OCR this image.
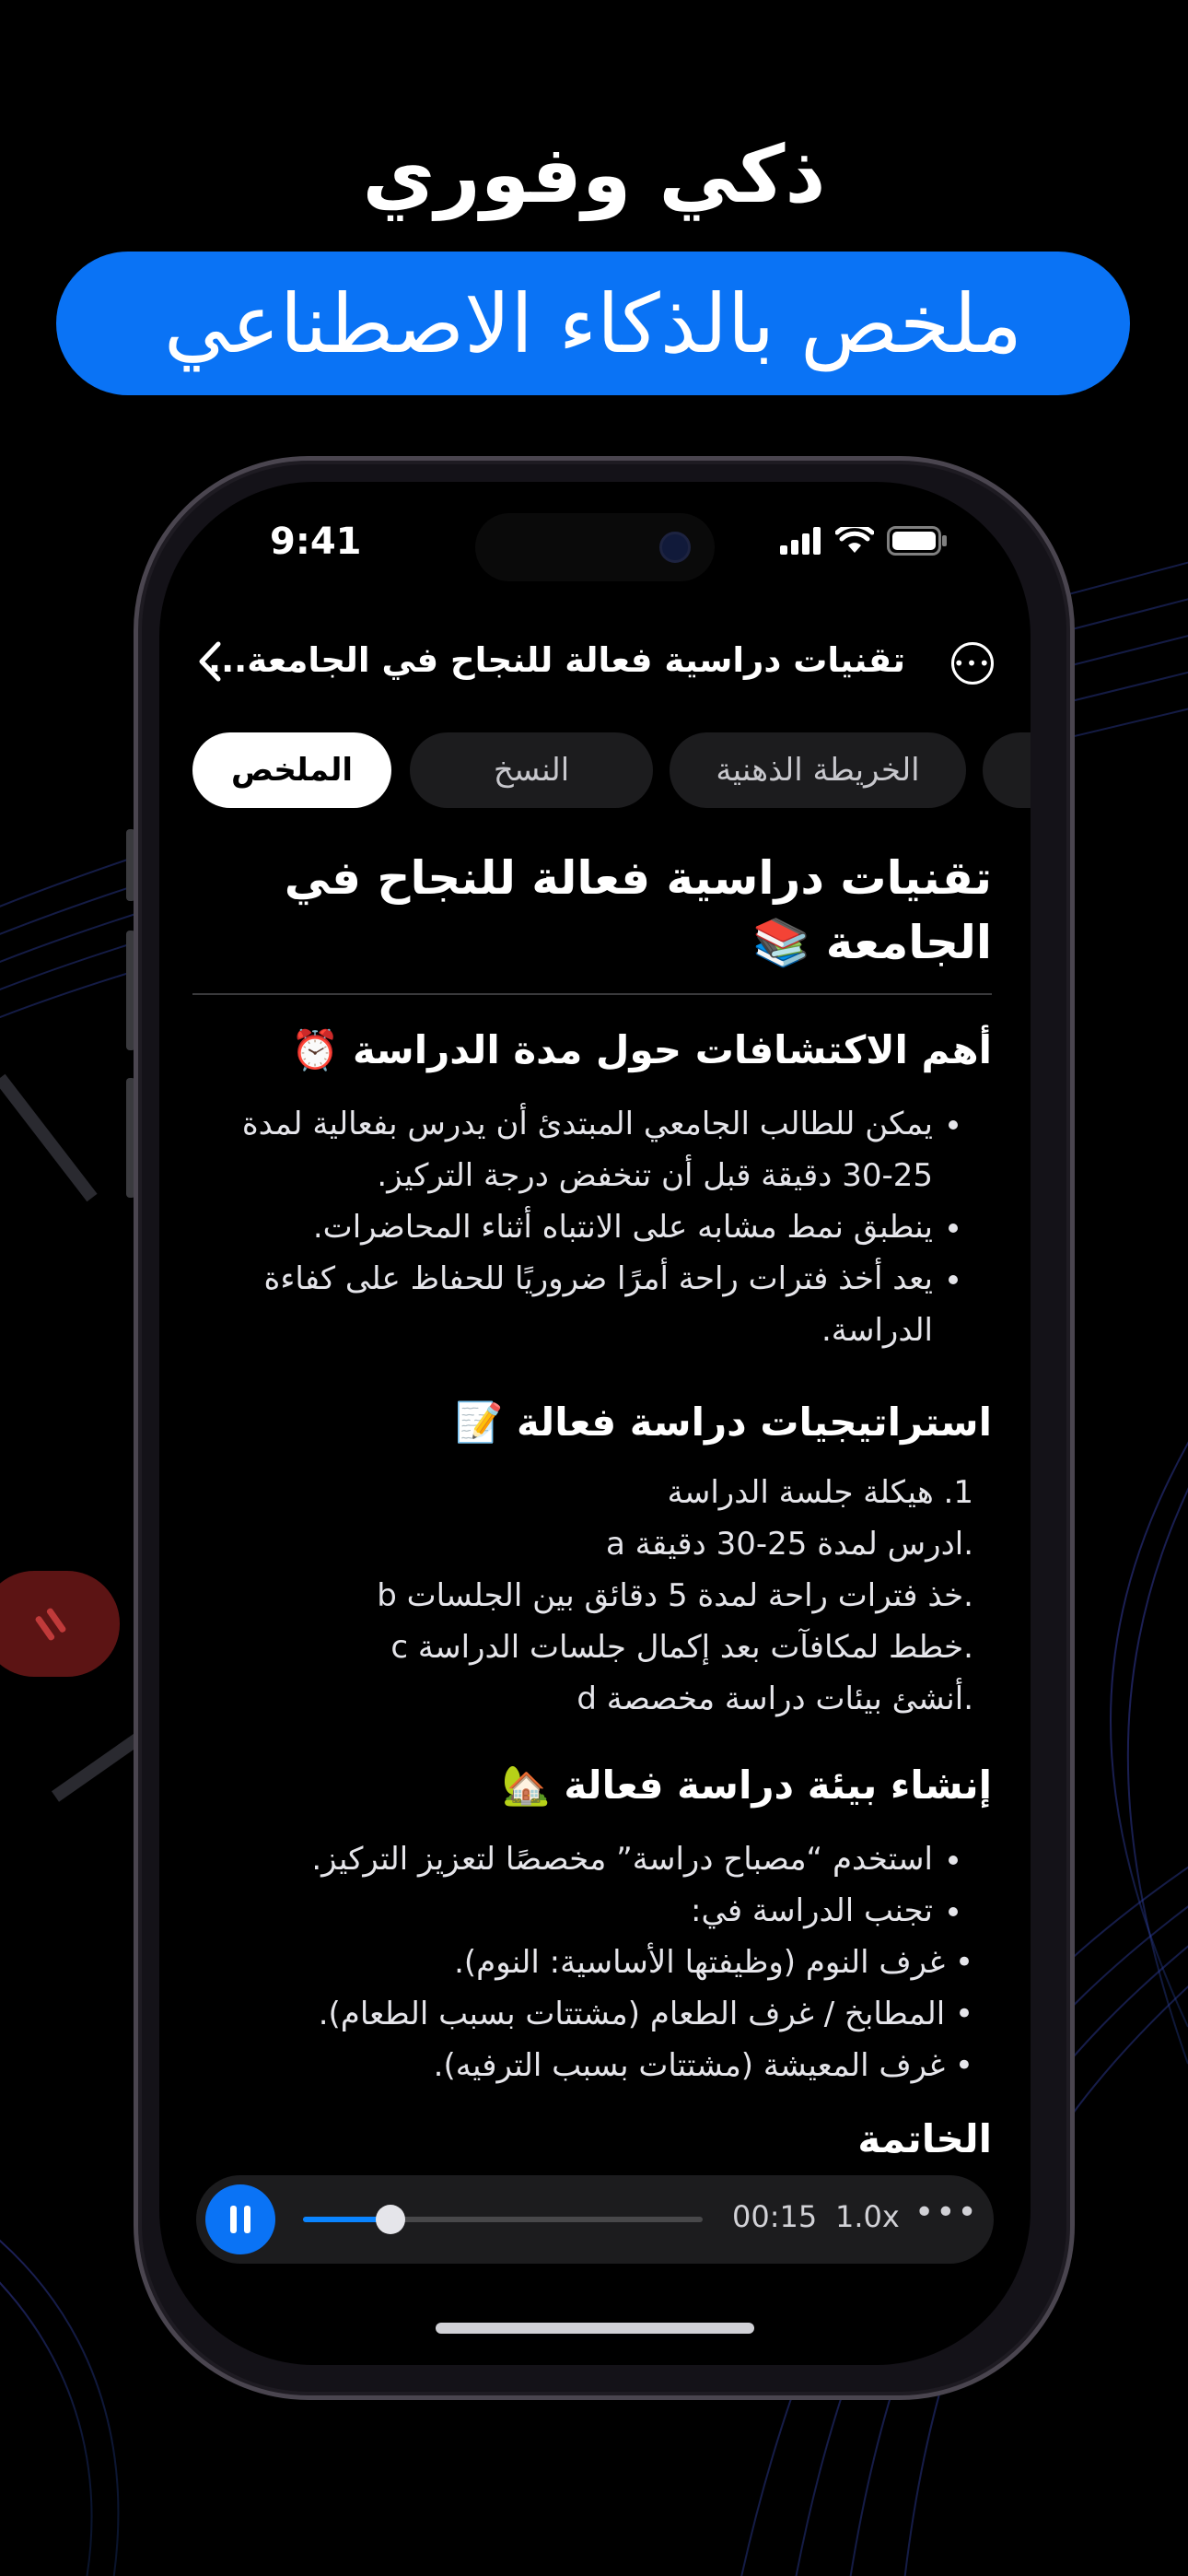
ذكي وفوري
ملخص بالذكاء الاصطناعي
9:41
تقنيات دراسية فعالة للنجاح في الجامعة...	•••
الملخص	النسخ	الخريطة الذهنية
تقنيات دراسية فعالة للنجاح في الجامعة 📚
أهم الاكتشافات حول مدة الدراسة ⏰
• يمكن للطالب الجامعي المبتدئ أن يدرس بفعالية لمدة 25-30 دقيقة قبل أن تنخفض درجة التركيز.
• ينطبق نمط مشابه على الانتباه أثناء المحاضرات.
• يعد أخذ فترات راحة أمرًا ضروريًا للحفاظ على كفاءة الدراسة.
استراتيجيات دراسة فعالة 📝
1. هيكلة جلسة الدراسة
.ادرس لمدة 25-30 دقيقة a
.خذ فترات راحة لمدة 5 دقائق بين الجلسات b
.خطط لمكافآت بعد إكمال جلسات الدراسة c
.أنشئ بيئات دراسة مخصصة d
إنشاء بيئة دراسة فعالة 🏡
• استخدم “مصباح دراسة” مخصصًا لتعزيز التركيز.
• تجنب الدراسة في:
• غرف النوم (وظيفتها الأساسية: النوم).
• المطابخ / غرف الطعام (مشتتات بسبب الطعام).
• غرف المعيشة (مشتتات بسبب الترفيه).
الخاتمة
00:15 1.0x •••
